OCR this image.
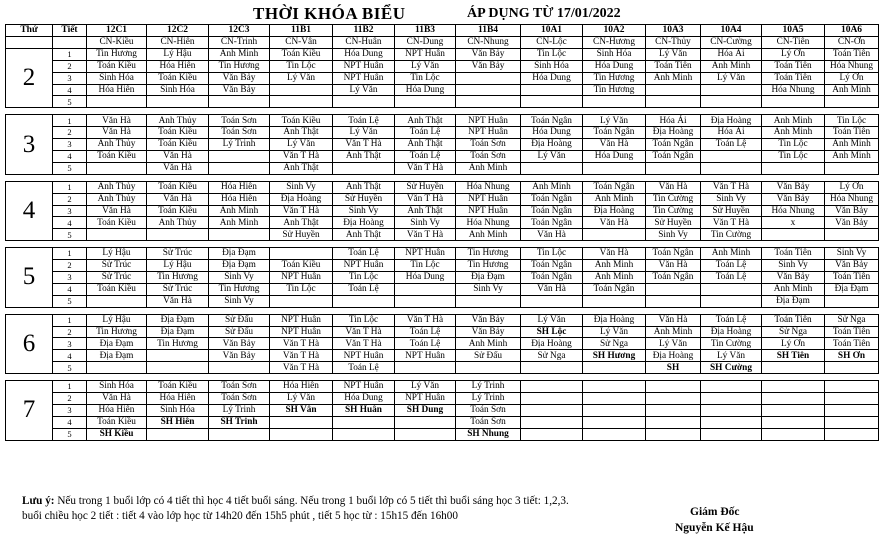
THỜI KHÓA BIỂU	ÁP DỤNG TỪ 17/01/2022
Thứ	Tiết	12C1	12C2	12C3	11B1	11B2	11B3	11B4	10A1	10A2	10A3	10A4	10A5	10A6
		CN-Kiều	CN-Hiên	CN-Trinh	CN-Vân	CN-Huân	CN-Dung	CN-Nhung	CN-Lộc	CN-Hương	CN-Thủy	CN-Cường	CN-Tiên	CN-Ơn
2	1	Tin Hương	Lý Hậu	Anh Minh	Toán Kiều	Hóa Dung	NPT Huân	Văn Bảy	Tin Lộc	Sinh Hóa	Lý Văn	Hóa Ái	Lý Ơn	Toán Tiên
	2	Toán Kiều	Hóa Hiên	Tin Hương	Tin Lộc	NPT Huân	Lý Văn	Văn Bảy	Sinh Hóa	Hóa Dung	Toán Tiên	Anh Minh	Toán Tiên	Hóa Nhung
	3	Sinh Hóa	Toán Kiều	Văn Bảy	Lý Văn	NPT Huân	Tin Lộc		Hóa Dung	Tin Hương	Anh Minh	Lý Văn	Toán Tiên	Lý Ơn
	4	Hóa Hiên	Sinh Hóa	Văn Bảy		Lý Văn	Hóa Dung			Tin Hương			Hóa Nhung	Anh Minh
	5													

3	1	Văn Hà	Anh Thủy	Toán Sơn	Toán Kiều	Toán Lệ	Anh Thật	NPT Huân	Toán Ngân	Lý Văn	Hóa Ái	Địa Hoàng	Anh Minh	Tin Lộc
	2	Văn Hà	Toán Kiều	Toán Sơn	Anh Thật	Lý Văn	Toán Lệ	NPT Huân	Hóa Dung	Toán Ngân	Địa Hoàng	Hóa Ái	Anh Minh	Toán Tiên
	3	Anh Thủy	Toán Kiều	Lý Trinh	Lý Văn	Văn T Hà	Anh Thật	Toán Sơn	Địa Hoàng	Văn Hà	Toán Ngân	Toán Lệ	Tin Lộc	Anh Minh
	4	Toán Kiều	Văn Hà		Văn T Hà	Anh Thật	Toán Lệ	Toán Sơn	Lý Văn	Hóa Dung	Toán Ngân		Tin Lộc	Anh Minh
	5		Văn Hà		Anh Thật		Văn T Hà	Anh Minh						

4	1	Anh Thủy	Toán Kiều	Hóa Hiên	Sinh Vy	Anh Thật	Sử Huyền	Hóa Nhung	Anh Minh	Toán Ngân	Văn Hà	Văn T Hà	Văn Bảy	Lý Ơn
	2	Anh Thủy	Văn Hà	Hóa Hiên	Địa Hoàng	Sử Huyền	Văn T Hà	NPT Huân	Toán Ngân	Anh Minh	Tin Cường	Sinh Vy	Văn Bảy	Hóa Nhung
	3	Văn Hà	Toán Kiều	Anh Minh	Văn T Hà	Sinh Vy	Anh Thật	NPT Huân	Toán Ngân	Địa Hoàng	Tin Cường	Sử Huyền	Hóa Nhung	Văn Bảy
	4	Toán Kiều	Anh Thủy	Anh Minh	Anh Thật	Địa Hoàng	Sinh Vy	Hóa Nhung	Toán Ngân	Văn Hà	Sử Huyền	Văn T Hà	x	Văn Bảy
	5				Sử Huyền	Anh Thật	Văn T Hà	Anh Minh	Văn Hà		Sinh Vy	Tin Cường		

5	1	Lý Hậu	Sử Trúc	Địa Đạm		Toán Lệ	NPT Huân	Tin Hương	Tin Lộc	Văn Hà	Toán Ngân	Anh Minh	Toán Tiên	Sinh Vy
	2	Sử Trúc	Lý Hậu	Địa Đạm	Toán Kiều	NPT Huân	Tin Lộc	Tin Hương	Toán Ngân	Anh Minh	Văn Hà	Toán Lệ	Sinh Vy	Văn Bảy
	3	Sử Trúc	Tin Hương	Sinh Vy	NPT Huân	Tin Lộc	Hóa Dung	Địa Đạm	Toán Ngân	Anh Minh	Toán Ngân	Toán Lệ	Văn Bảy	Toán Tiên
	4	Toán Kiều	Sử Trúc	Tin Hương	Tin Lộc	Toán Lệ		Sinh Vy	Văn Hà	Toán Ngân			Anh Minh	Địa Đạm
	5		Văn Hà	Sinh Vy									Địa Đạm	

6	1	Lý Hậu	Địa Đạm	Sử Đấu	NPT Huân	Tin Lộc	Văn T Hà	Văn Bảy	Lý Văn	Địa Hoàng	Văn Hà	Toán Lệ	Toán Tiên	Sử Nga
	2	Tin Hương	Địa Đạm	Sử Đấu	NPT Huân	Văn T Hà	Toán Lệ	Văn Bảy	SH Lộc	Lý Văn	Anh Minh	Địa Hoàng	Sử Nga	Toán Tiên
	3	Địa Đạm	Tin Hương	Văn Bảy	Văn T Hà	Văn T Hà	Toán Lệ	Anh Minh	Địa Hoàng	Sử Nga	Lý Văn	Tin Cường	Lý Ơn	Toán Tiên
	4	Địa Đạm		Văn Bảy	Văn T Hà	NPT Huân	NPT Huân	Sử Đấu	Sử Nga	SH Hương	Địa Hoàng	Lý Văn	SH Tiên	SH Ơn
	5				Văn T Hà	Toán Lệ					SH	SH Cường		

7	1	Sinh Hóa	Toán Kiều	Toán Sơn	Hóa Hiên	NPT Huân	Lý Văn	Lý Trinh						
	2	Văn Hà	Hóa Hiên	Toán Sơn	Lý Văn	Hóa Dung	NPT Huân	Lý Trinh						
	3	Hóa Hiên	Sinh Hóa	Lý Trinh	SH Vân	SH Huân	SH Dung	Toán Sơn						
	4	Toán Kiều	SH Hiên	SH Trinh				Toán Sơn						
	5	SH Kiều						SH Nhung						
Lưu ý: Nếu trong 1 buổi lớp có 4 tiết thì học 4 tiết buổi sáng. Nếu trong 1 buổi lớp có 5 tiết thì buổi sáng học 3 tiết: 1,2,3.
buổi chiều học 2 tiết : tiết 4 vào lớp học từ 14h20 đến 15h5 phút , tiết 5 học từ : 15h15 đến 16h00	Giám Đốc
Nguyễn Kế Hậu
